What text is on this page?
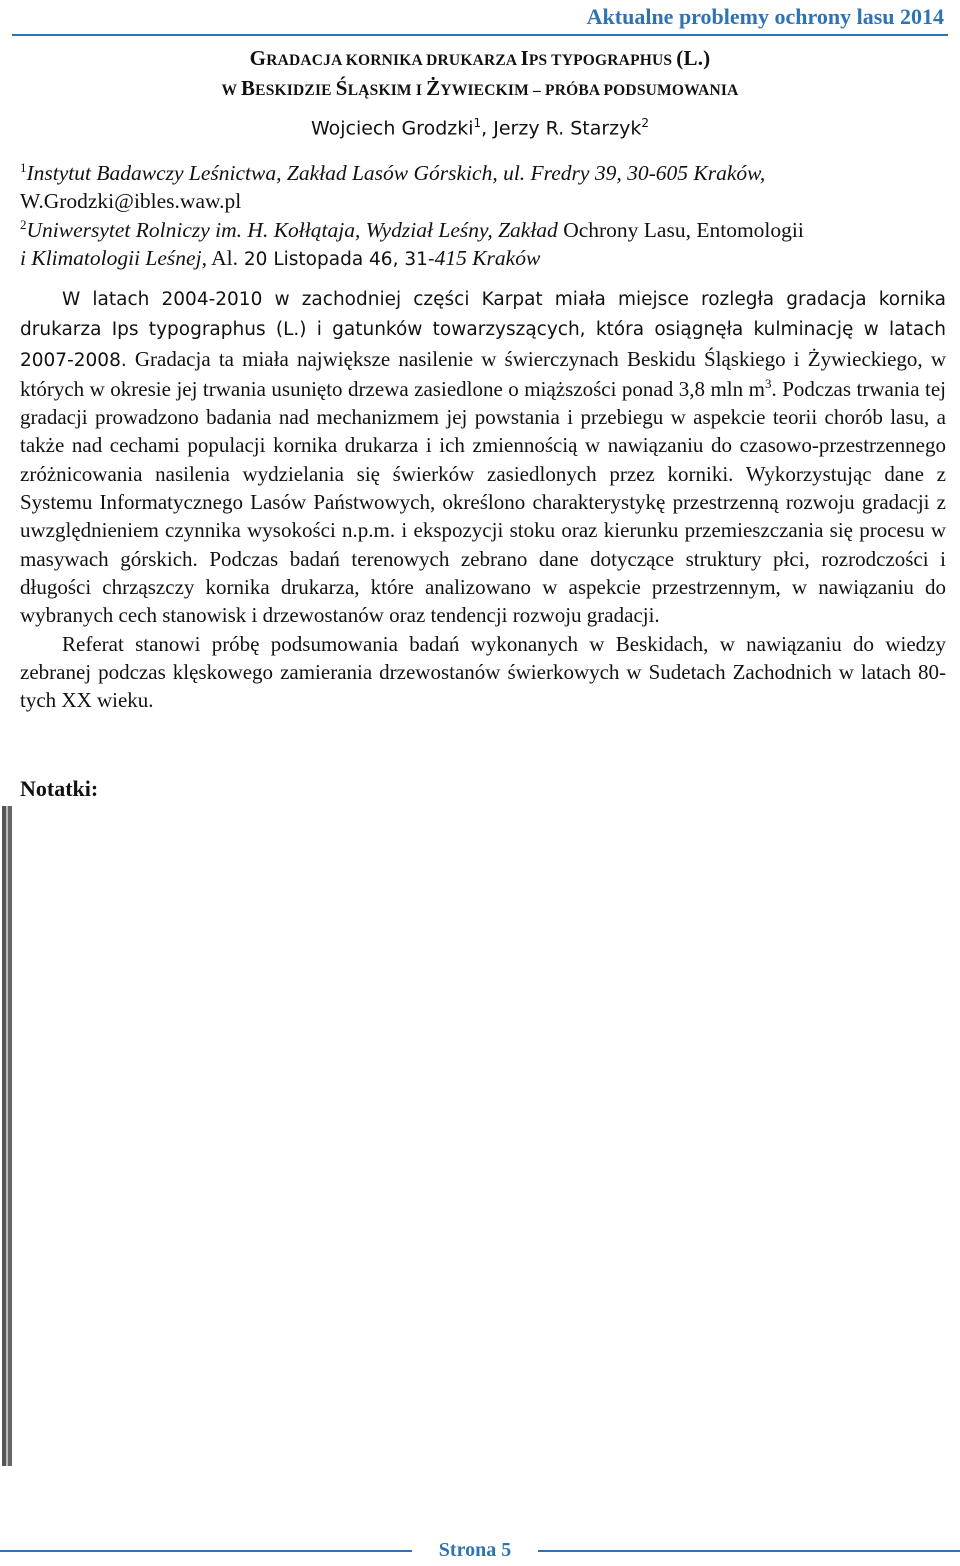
Aktualne problemy ochrony lasu 2014
GRADACJA KORNIKA DRUKARZA IPS TYPOGRAPHUS (L.)
W BESKIDZIE ŚLĄSKIM I ŻYWIECKIM – PRÓBA PODSUMOWANIA
Wojciech Grodzki$^1$, Jerzy R. Starzyk$^2$
$^1$Instytut Badawczy Leśnictwa, Zakład Lasów Górskich, ul. Fredry 39, 30-605 Kraków,
W.Grodzki@ibles.waw.pl
$^2$Uniwersytet Rolniczy im. H. Kołłątaja, Wydział Leśny, Zakład Ochrony Lasu, Entomologii
i Klimatologii Leśnej, Al. 20 Listopada 46, 31-415 Kraków

W latach 2004-2010 w zachodniej części Karpat miała miejsce rozległa gradacja kornika drukarza Ips typographus (L.) i gatunków towarzyszących, która osiągnęła kulminację w latach 2007-2008. Gradacja ta miała największe nasilenie w świerczynach Beskidu Śląskiego i Żywieckiego, w których w okresie jej trwania usunięto drzewa zasiedlone o miąższości ponad 3,8 mln $m^3$. Podczas trwania tej gradacji prowadzono badania nad mechanizmem jej powstania i przebiegu w aspekcie teorii chorób lasu, a także nad cechami populacji kornika drukarza i ich zmiennością w nawiązaniu do czasowo-przestrzennego zróżnicowania nasilenia wydzielania się świerków zasiedlonych przez korniki. Wykorzystując dane z Systemu Informatycznego Lasów Państwowych, określono charakterystykę przestrzenną rozwoju gradacji z uwzględnieniem czynnika wysokości n.p.m. i ekspozycji stoku oraz kierunku przemieszczania się procesu w masywach górskich. Podczas badań terenowych zebrano dane dotyczące struktury płci, rozrodczości i długości chrząszczy kornika drukarza, które analizowano w aspekcie przestrzennym, w nawiązaniu do wybranych cech stanowisk i drzewostanów oraz tendencji rozwoju gradacji.

Referat stanowi próbę podsumowania badań wykonanych w Beskidach, w nawiązaniu do wiedzy zebranej podczas klęskowego zamierania drzewostanów świerkowych w Sudetach Zachodnich w latach 80-tych XX wieku.

Notatki:
Strona 5
